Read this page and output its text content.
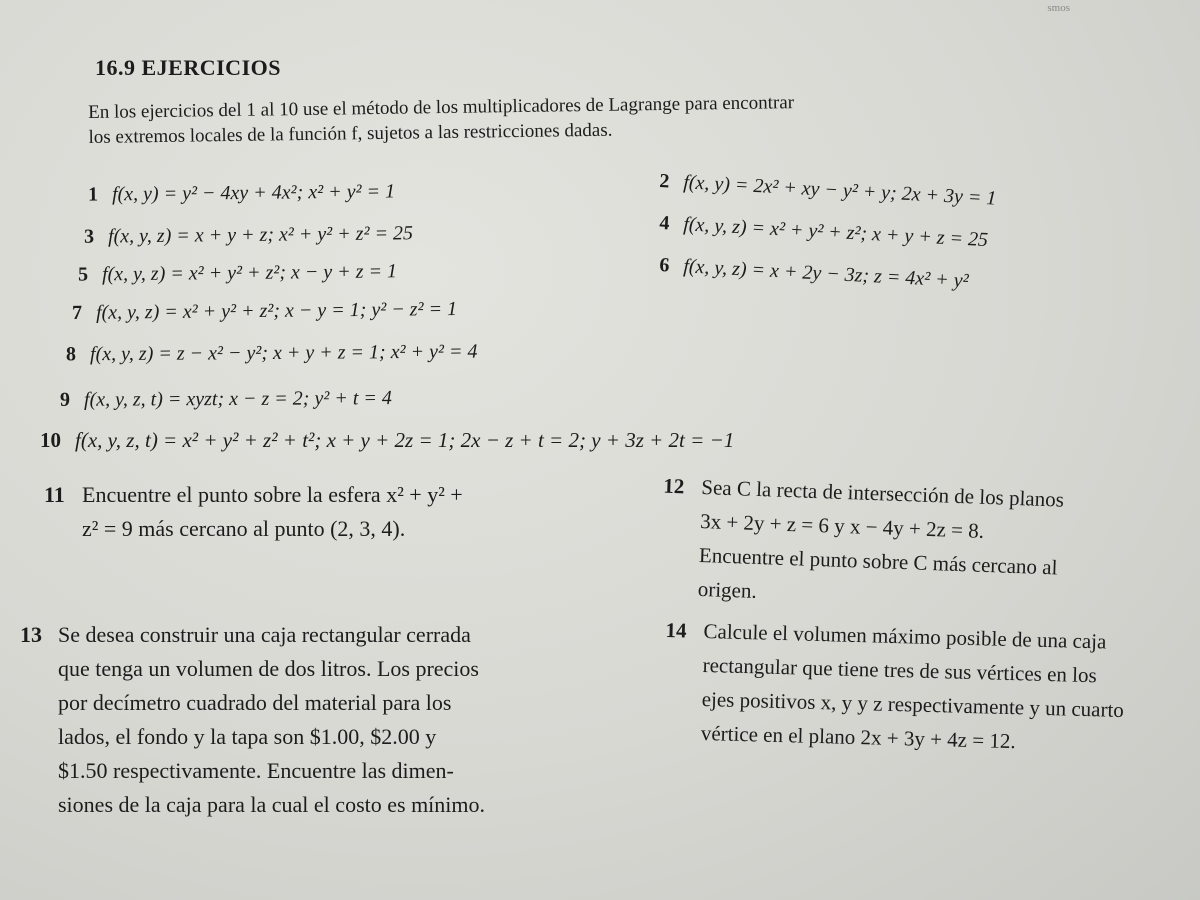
smos
16.9 EJERCICIOS
En los ejercicios del 1 al 10 use el método de los multiplicadores de Lagrange para encontrar
los extremos locales de la función f, sujetos a las restricciones dadas.
1 f(x, y) = y² − 4xy + 4x²; x² + y² = 1	2 f(x, y) = 2x² + xy − y² + y; 2x + 3y = 1
3 f(x, y, z) = x + y + z; x² + y² + z² = 25	4 f(x, y, z) = x² + y² + z²; x + y + z = 25
5 f(x, y, z) = x² + y² + z²; x − y + z = 1	6 f(x, y, z) = x + 2y − 3z; z = 4x² + y²
7 f(x, y, z) = x² + y² + z²; x − y = 1; y² − z² = 1
8 f(x, y, z) = z − x² − y²; x + y + z = 1; x² + y² = 4
9 f(x, y, z, t) = xyzt; x − z = 2; y² + t = 4
10 f(x, y, z, t) = x² + y² + z² + t²; x + y + 2z = 1; 2x − z + t = 2; y + 3z + 2t = −1
11 Encuentre el punto sobre la esfera x² + y² +
z² = 9 más cercano al punto (2, 3, 4).
12 Sea C la recta de intersección de los planos
3x + 2y + z = 6 y x − 4y + 2z = 8.
Encuentre el punto sobre C más cercano al
origen.
13 Se desea construir una caja rectangular cerrada
que tenga un volumen de dos litros. Los precios
por decímetro cuadrado del material para los
lados, el fondo y la tapa son $1.00, $2.00 y
$1.50 respectivamente. Encuentre las dimen-
siones de la caja para la cual el costo es mínimo.
14 Calcule el volumen máximo posible de una caja
rectangular que tiene tres de sus vértices en los
ejes positivos x, y y z respectivamente y un cuarto
vértice en el plano 2x + 3y + 4z = 12.
